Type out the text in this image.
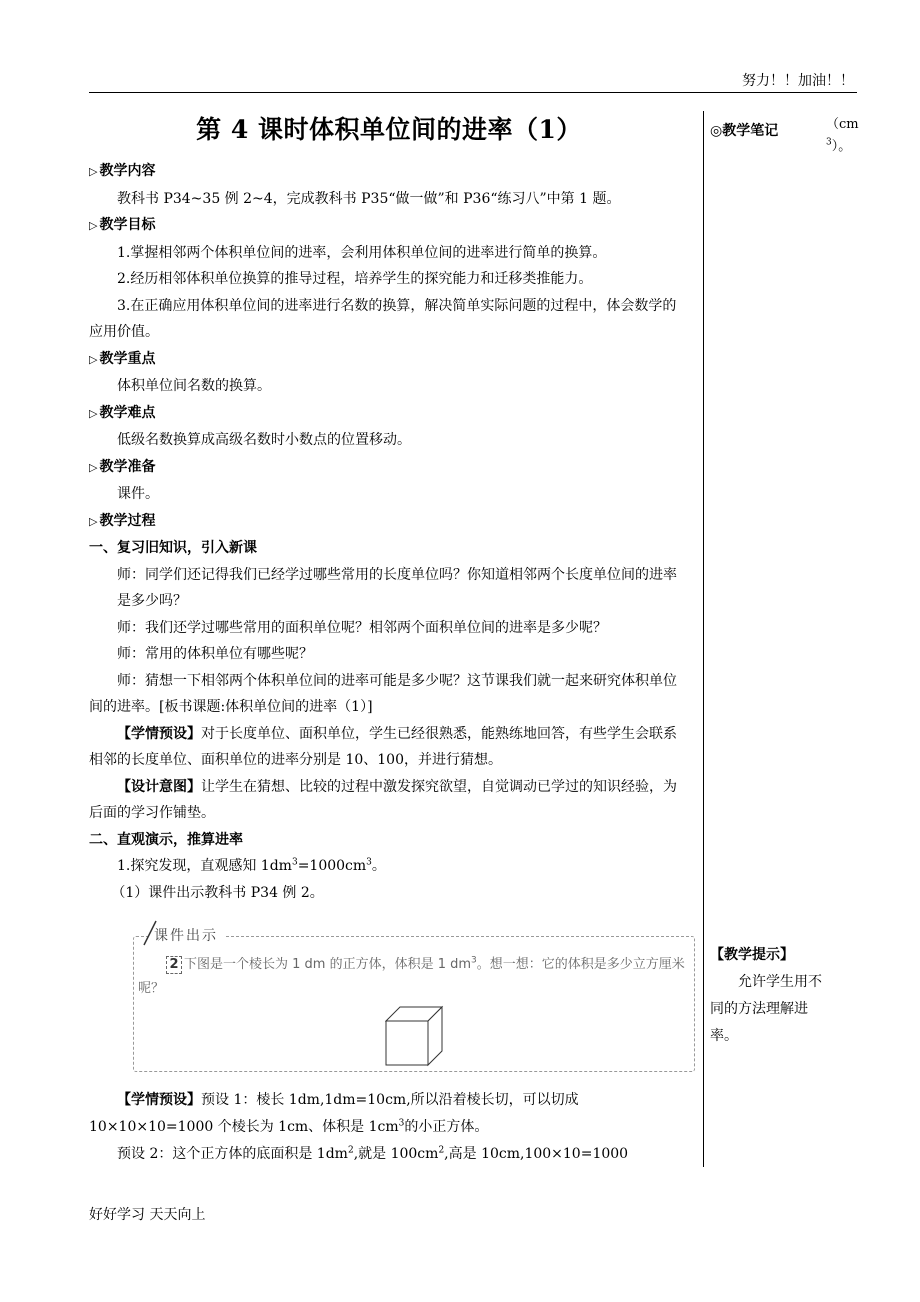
努力！！加油！！
第 4 课时体积单位间的进率（1）
▷ 教学内容

教科书 P34~35 例 2~4，完成教科书 P35“做一做”和 P36“练习八”中第 1 题。

▷ 教学目标

1.掌握相邻两个体积单位间的进率，会利用体积单位间的进率进行简单的换算。

2.经历相邻体积单位换算的推导过程，培养学生的探究能力和迁移类推能力。

3.在正确应用体积单位间的进率进行名数的换算，解决简单实际问题的过程中，体会数学的应用价值。

▷ 教学重点

体积单位间名数的换算。

▷ 教学难点

低级名数换算成高级名数时小数点的位置移动。

▷ 教学准备

课件。

▷ 教学过程

一、复习旧知识，引入新课

师：同学们还记得我们已经学过哪些常用的长度单位吗？你知道相邻两个长度单位间的进率是多少吗？

师：我们还学过哪些常用的面积单位呢？相邻两个面积单位间的进率是多少呢？

师：常用的体积单位有哪些呢？

师：猜想一下相邻两个体积单位间的进率可能是多少呢？这节课我们就一起来研究体积单位间的进率。[板书课题:体积单位间的进率（1）]

【学情预设】对于长度单位、面积单位，学生已经很熟悉，能熟练地回答，有些学生会联系相邻的长度单位、面积单位的进率分别是 10、100，并进行猜想。

【设计意图】让学生在猜想、比较的过程中激发探究欲望，自觉调动已学过的知识经验，为后面的学习作铺垫。

二、直观演示，推算进率

1.探究发现，直观感知 $1dm^3=1000cm^3$。

（1）课件出示教科书 P34 例 2。

课件出示
2 下图是一个棱长为 1 dm 的正方体，体积是 1 $dm^3$。想一想：它的体积是多少立方厘米呢？

【学情预设】预设 1：棱长 1dm,1dm=10cm,所以沿着棱长切，可以切成

10×10×10=1000 个棱长为 1cm、体积是 $1cm^3$的小正方体。

预设 2：这个正方体的底面积是 $1dm^2$,就是 $100cm^2$,高是 10cm,100×10=1000

◎教学笔记	（cm
$^3$）。
【教学提示】
允许学生用不同的方法理解进率。
好好学习 天天向上
